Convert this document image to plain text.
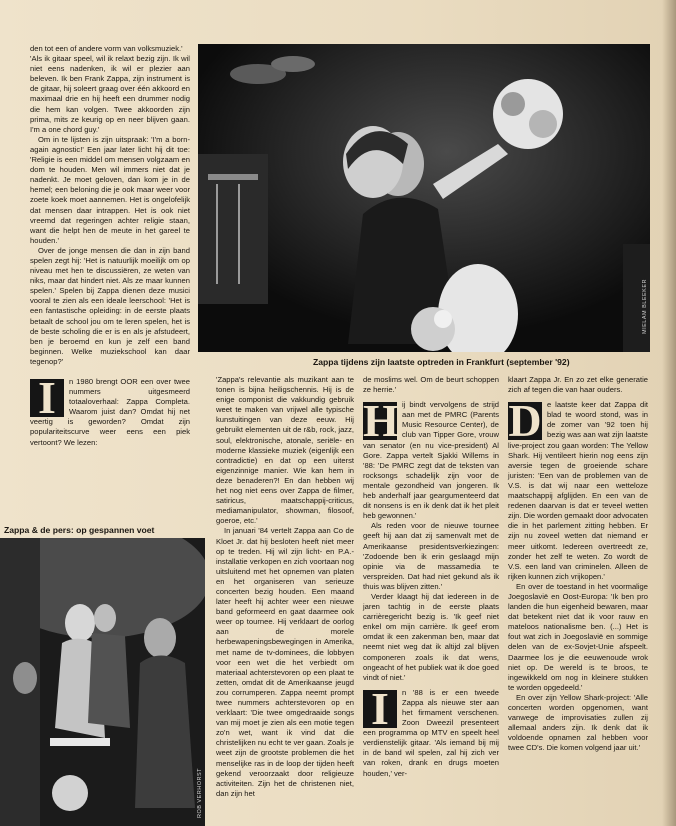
den tot een of andere vorm van volksmuziek.'
'Als ik gitaar speel, wil ik relaxt bezig zijn. Ik wil niet eens nadenken, ik wil er plezier aan beleven. Ik ben Frank Zappa, zijn instrument is de gitaar, hij soleert graag over één akkoord en maximaal drie en hij heeft een drummer nodig die hem kan volgen. Twee akkoorden zijn prima, mits ze keurig op en neer blijven gaan. I'm a one chord guy.'

Om in te lijsten is zijn uitspraak: 'I'm a born-again agnostic!' Een jaar later licht hij dit toe: 'Religie is een middel om mensen volgzaam en dom te houden. Men wil immers niet dat je nadenkt. Je moet geloven, dan kom je in de hemel; een beloning die je ook maar weer voor zoete koek moet aannemen. Het is ongelofelijk dat mensen daar intrappen. Het is ook niet vreemd dat regeringen achter religie staan, want die helpt hen de meute in het gareel te houden.'

Over de jonge mensen die dan in zijn band spelen zegt hij: 'Het is natuurlijk moeilijk om op niveau met hen te discussiëren, ze weten van niks, maar dat hindert niet. Als ze maar kunnen spelen.' Spelen bij Zappa dienen deze musici vooral te zien als een ideale leerschool: 'Het is een fantastische opleiding: in de eerste plaats betaalt de school jou om te leren spelen, het is de beste scholing die er is en als je afstudeert, ben je beroemd en kun je zelf een band beginnen. Welke muziekschool kan daar tegenop?'

I	n 1980 brengt OOR een over twee nummers uitgesmeerd totaaloverhaal: Zappa Completa. Waarom juist dan? Omdat hij net veertig is geworden? Omdat zijn populariteitscurve weer eens een piek vertoont? We lezen:

MIELAM BLEEKER
Zappa tijdens zijn laatste optreden in Frankfurt (september '92)
Zappa & de pers: op gespannen voet
ROB VERHORST

'Zappa's relevantie als muzikant aan te tonen is bijna heiligschennis. Hij is de enige componist die vakkundig gebruik weet te maken van vrijwel alle typische kunstuitingen van deze eeuw. Hij gebruikt elementen uit de r&b, rock, jazz, soul, elektronische, atonale, seriële- en moderne klassieke muziek (eigenlijk een contradictie) en dat op een uiterst eigenzinnige manier. Wie kan hem in deze benaderen?! En dan hebben wij het nog niet eens over Zappa de filmer, satiricus, maatschappij-criticus, mediamanipulator, showman, filosoof, goeroe, etc.'

In januari '84 vertelt Zappa aan Co de Kloet Jr. dat hij besloten heeft niet meer op te treden. Hij wil zijn licht- en P.A.-installatie verkopen en zich voortaan nog uitsluitend met het opnemen van platen en het organiseren van serieuze concerten bezig houden. Een maand later heeft hij achter weer een nieuwe band geformeerd en gaat daarmee ook weer op tournee. Hij verklaart de oorlog aan de morele herbewapeningsbewegingen in Amerika, met name de tv-dominees, die lobbyen voor een wet die het verbiedt om materiaal achterstevoren op een plaat te zetten, omdat dit de Amerikaanse jeugd zou corrumperen. Zappa neemt prompt twee nummers achterstevoren op en verklaart: 'Die twee omgedraaide songs van mij moet je zien als een motie tegen zo'n wet, want ik vind dat die christelijken nu echt te ver gaan. Zoals je weet zijn de grootste problemen die het menselijke ras in de loop der tijden heeft gekend veroorzaakt door religieuze activiteiten. Zijn het de christenen niet, dan zijn het

de moslims wel. Om de beurt schoppen ze herrie.'

H ij bindt vervolgens de strijd aan met de PMRC (Parents Music Resource Center), de club van Tipper Gore, vrouw van senator (en nu vice-president) Al Gore. Zappa vertelt Sjakki Willems in '88: 'De PMRC zegt dat de teksten van rocksongs schadelijk zijn voor de mentale gezondheid van jongeren. Ik heb anderhalf jaar geargumenteerd dat dit nonsens is en ik denk dat ik het pleit heb gewonnen.'

Als reden voor de nieuwe tournee geeft hij aan dat zij samenvalt met de Amerikaanse presidentsverkiezingen: 'Zodoende ben ik erin geslaagd mijn opinie via de massamedia te verspreiden. Dat had niet gekund als ik thuis was blijven zitten.'

Verder klaagt hij dat iedereen in de jaren tachtig in de eerste plaats carrièregericht bezig is. 'Ik geef niet enkel om mijn carrière. Ik geef erom omdat ik een zakenman ben, maar dat neemt niet weg dat ik altijd zal blijven componeren zoals ik dat wens, ongeacht of het publiek wat ik doe goed vindt of niet.'

I	n '88 is er een tweede Zappa als nieuwe ster aan het firmament verschenen. Zoon Dweezil presenteert een programma op MTV en speelt heel verdienstelijk gitaar. 'Als iemand bij mij in de band wil spelen, zal hij zich ver van roken, drank en drugs moeten houden,' ver-

klaart Zappa Jr. En zo zet elke generatie zich af tegen die van haar ouders.

D e laatste keer dat Zappa dit blad te woord stond, was in de zomer van '92 toen hij bezig was aan wat zijn laatste live-project zou gaan worden: The Yellow Shark. Hij ventileert hierin nog eens zijn aversie tegen de groeiende schare juristen: 'Een van de problemen van de V.S. is dat wij naar een wetteloze maatschappij afglijden. En een van de redenen daarvan is dat er teveel wetten zijn. Die worden gemaakt door advocaten die in het parlement zitting hebben. Er zijn nu zoveel wetten dat niemand er meer uitkomt. Iedereen overtreedt ze, zonder het zelf te weten. Zo wordt de V.S. een land van criminelen. Alleen de rijken kunnen zich vrijkopen.'

En over de toestand in het voormalige Joegoslavië en Oost-Europa: 'Ik ben pro landen die hun eigenheid bewaren, maar dat betekent niet dat ik voor rauw en mateloos nationalisme ben. (...) Het is fout wat zich in Joegoslavië en sommige delen van de ex-Sovjet-Unie afspeelt. Daarmee los je die eeuwenoude wrok niet op. De wereld is te broos, te ingewikkeld om nog in kleinere stukken te worden opgedeeld.'

En over zijn Yellow Shark-project: 'Alle concerten worden opgenomen, want vanwege de improvisaties zullen zij allemaal anders zijn. Ik denk dat ik voldoende opnamen zal hebben voor twee CD's. Die komen volgend jaar uit.'
